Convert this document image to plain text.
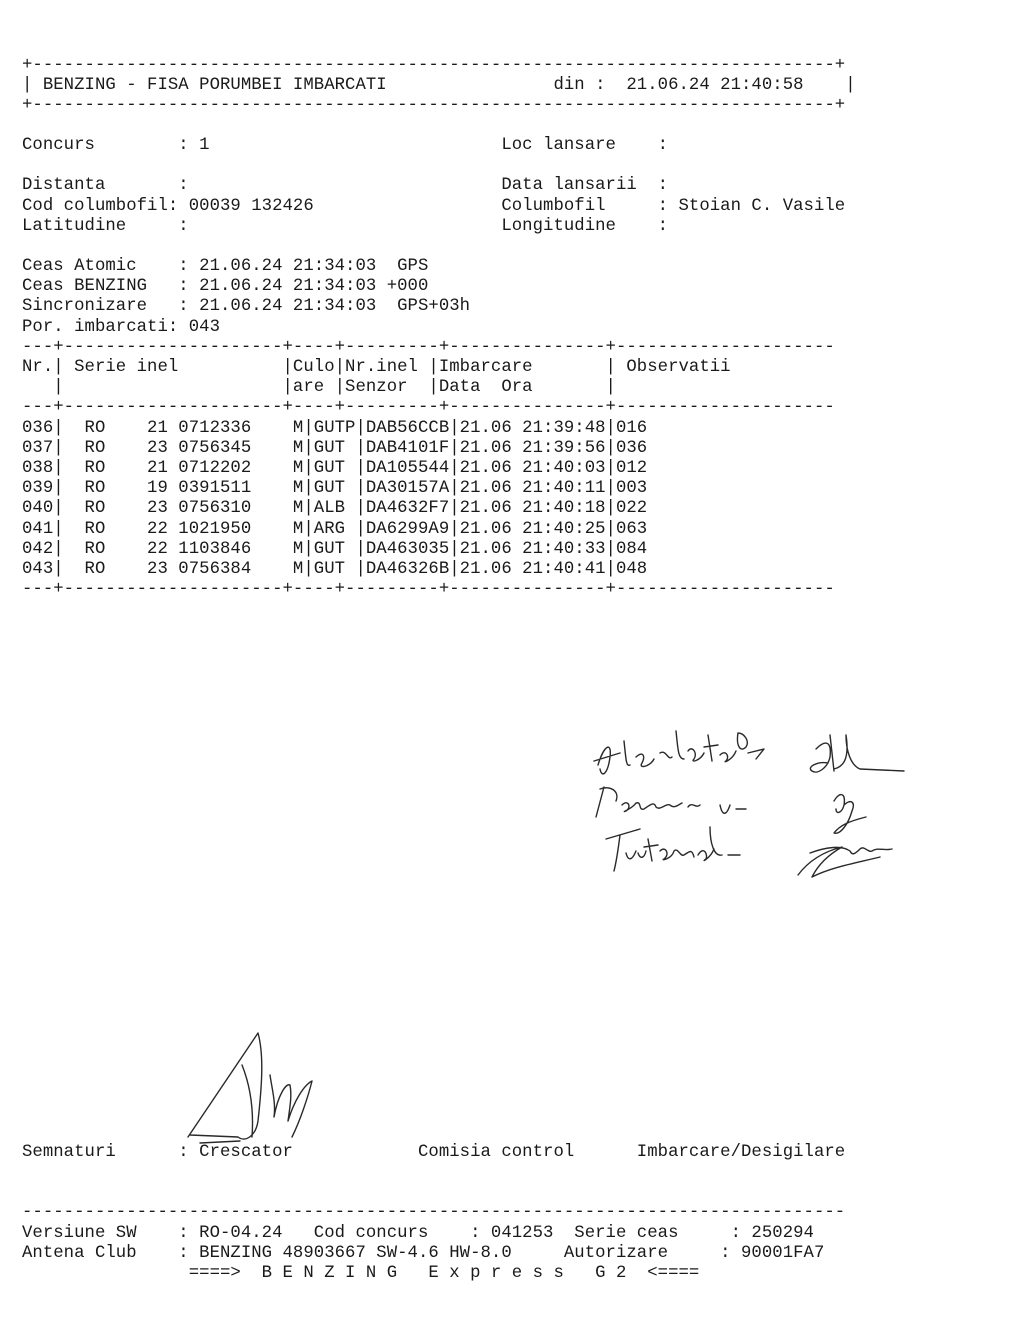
+-----------------------------------------------------------------------------+
| BENZING - FISA PORUMBEI IMBARCATI                din :  21.06.24 21:40:58    |
+-----------------------------------------------------------------------------+
Concurs        : 1                            Loc lansare    :
Distanta       :                              Data lansarii  :
Cod columbofil: 00039 132426                  Columbofil     : Stoian C. Vasile
Latitudine     :                              Longitudine    :
Ceas Atomic    : 21.06.24 21:34:03  GPS
Ceas BENZING   : 21.06.24 21:34:03 +000
Sincronizare   : 21.06.24 21:34:03  GPS+03h
Por. imbarcati: 043
---+---------------------+----+---------+---------------+---------------------
Nr.| Serie inel          |Culo|Nr.inel |Imbarcare       | Observatii
|                     |are |Senzor  |Data  Ora       |
---+---------------------+----+---------+---------------+---------------------
036|  RO    21 0712336    M|GUTP|DAB56CCB|21.06 21:39:48|016
037|  RO    23 0756345    M|GUT |DAB4101F|21.06 21:39:56|036
038|  RO    21 0712202    M|GUT |DA105544|21.06 21:40:03|012
039|  RO    19 0391511    M|GUT |DA30157A|21.06 21:40:11|003
040|  RO    23 0756310    M|ALB |DA4632F7|21.06 21:40:18|022
041|  RO    22 1021950    M|ARG |DA6299A9|21.06 21:40:25|063
042|  RO    22 1103846    M|GUT |DA463035|21.06 21:40:33|084
043|  RO    23 0756384    M|GUT |DA46326B|21.06 21:40:41|048
---+---------------------+----+---------+---------------+---------------------
Semnaturi      : Crescator            Comisia control      Imbarcare/Desigilare
-------------------------------------------------------------------------------
Versiune SW    : RO-04.24   Cod concurs    : 041253  Serie ceas     : 250294
Antena Club    : BENZING 48903667 SW-4.6 HW-8.0     Autorizare     : 90001FA7
====>  B E N Z I N G   E x p r e s s   G 2  <====
